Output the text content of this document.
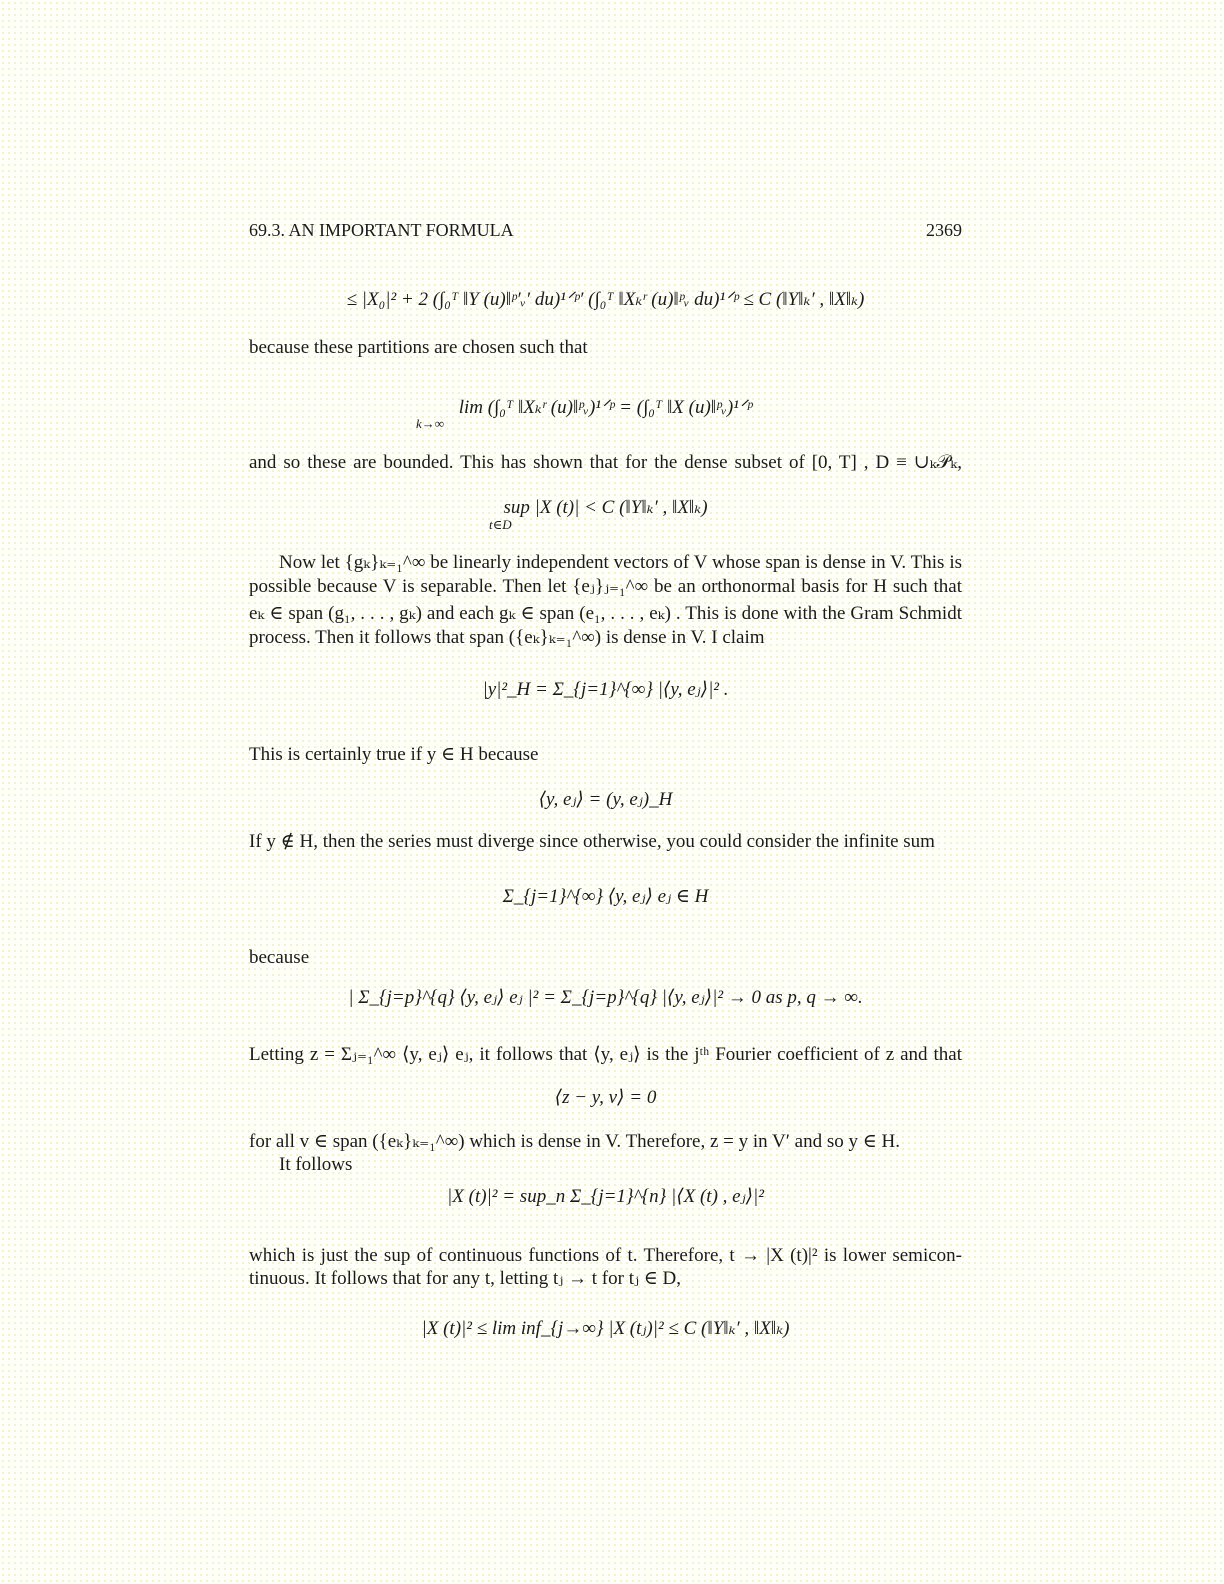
69.3. AN IMPORTANT FORMULA	2369
≤ |X₀|² + 2 (∫₀ᵀ ‖Y (u)‖ᵖ′ᵥ′ du)¹ᐟᵖ′ (∫₀ᵀ ‖Xₖʳ (u)‖ᵖᵥ du)¹ᐟᵖ ≤ C (‖Y‖ₖ′ , ‖X‖ₖ)
because these partitions are chosen such that
lim (∫₀ᵀ ‖Xₖʳ (u)‖ᵖᵥ)¹ᐟᵖ = (∫₀ᵀ ‖X (u)‖ᵖᵥ)¹ᐟᵖ
k→∞
and so these are bounded. This has shown that for the dense subset of [0, T] , D ≡ ∪ₖ𝒫ₖ,
sup |X (t)| < C (‖Y‖ₖ′ , ‖X‖ₖ)
t∈D
Now let {gₖ}ₖ₌₁^∞ be linearly independent vectors of V whose span is dense in V. This is
possible because V is separable. Then let {eⱼ}ⱼ₌₁^∞ be an orthonormal basis for H such that
eₖ ∈ span (g₁, . . . , gₖ) and each gₖ ∈ span (e₁, . . . , eₖ) . This is done with the Gram Schmidt
process. Then it follows that span ({eₖ}ₖ₌₁^∞) is dense in V. I claim
|y|²_H = Σ_{j=1}^{∞} |⟨y, eⱼ⟩|² .
This is certainly true if y ∈ H because
⟨y, eⱼ⟩ = (y, eⱼ)_H
If y ∉ H, then the series must diverge since otherwise, you could consider the infinite sum
Σ_{j=1}^{∞} ⟨y, eⱼ⟩ eⱼ ∈ H
because
| Σ_{j=p}^{q} ⟨y, eⱼ⟩ eⱼ |² = Σ_{j=p}^{q} |⟨y, eⱼ⟩|² → 0 as p, q → ∞.
Letting z = Σⱼ₌₁^∞ ⟨y, eⱼ⟩ eⱼ, it follows that ⟨y, eⱼ⟩ is the jᵗʰ Fourier coefficient of z and that
⟨z − y, v⟩ = 0
for all v ∈ span ({eₖ}ₖ₌₁^∞) which is dense in V. Therefore, z = y in V′ and so y ∈ H.
It follows
|X (t)|² = sup_n Σ_{j=1}^{n} |⟨X (t) , eⱼ⟩|²
which is just the sup of continuous functions of t. Therefore, t → |X (t)|² is lower semicon-
tinuous. It follows that for any t, letting tⱼ → t for tⱼ ∈ D,
|X (t)|² ≤ lim inf_{j→∞} |X (tⱼ)|² ≤ C (‖Y‖ₖ′ , ‖X‖ₖ)
